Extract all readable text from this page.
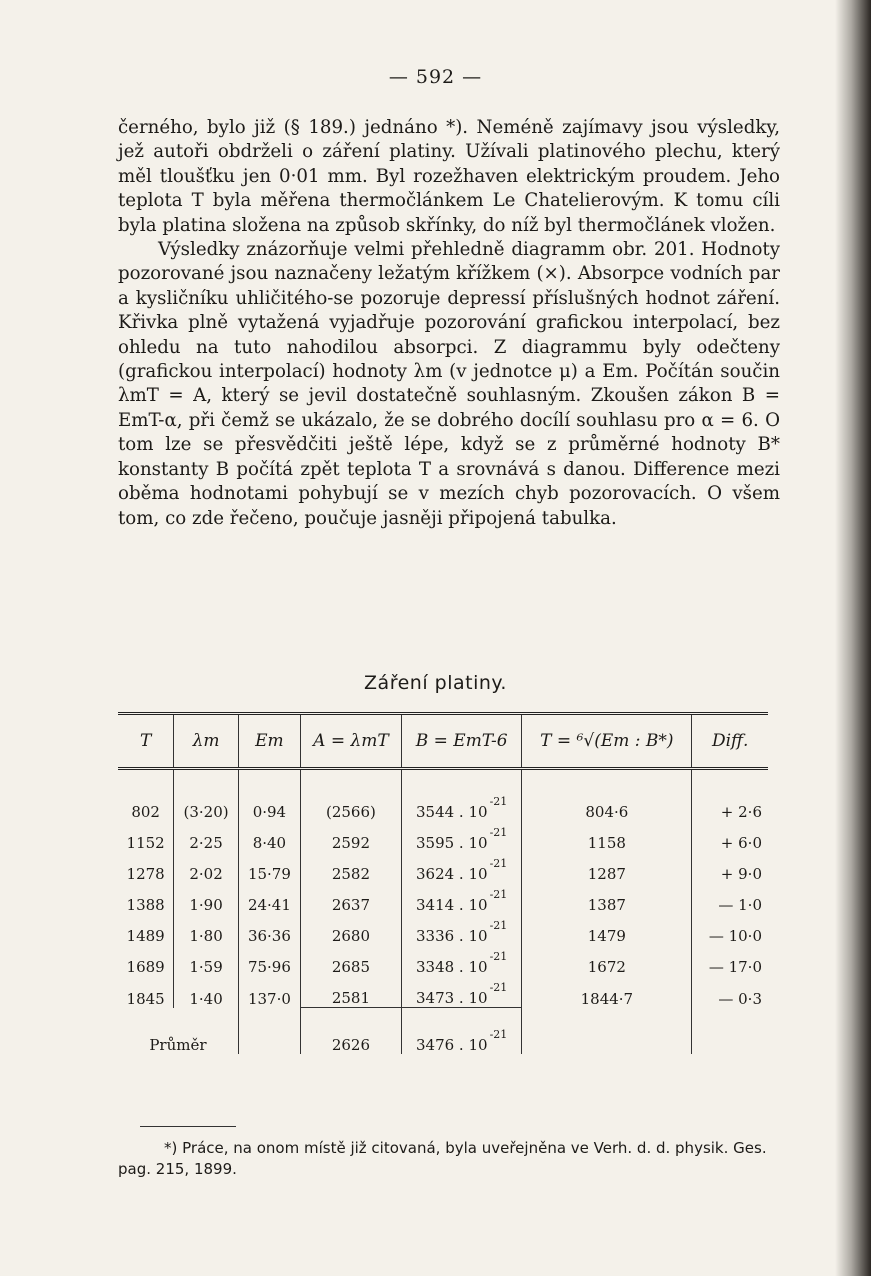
— 592 —

černého, bylo již (§ 189.) jednáno *). Neméně zajímavy jsou výsledky, jež autoři obdrželi o záření platiny. Užívali platinového plechu, který měl tloušťku jen 0·01 mm. Byl rozežhaven elektrickým proudem. Jeho teplota T byla měřena thermočlánkem Le Chatelierovým. K tomu cíli byla platina složena na způsob skřínky, do níž byl thermočlánek vložen.

Výsledky znázorňuje velmi přehledně diagramm obr. 201. Hodnoty pozorované jsou naznačeny ležatým křížkem (×). Absorpce vodních par a kysličníku uhličitého-se pozoruje depressí příslušných hodnot záření. Křivka plně vytažená vyjadřuje pozorování grafickou interpolací, bez ohledu na tuto nahodilou absorpci. Z diagrammu byly odečteny (grafickou interpolací) hodnoty λm (v jednotce μ) a Em. Počítán součin λmT = A, který se jevil dostatečně souhlasným. Zkoušen zákon B = EmT-α, při čemž se ukázalo, že se dobrého docílí souhlasu pro α = 6. O tom lze se přesvědčiti ještě lépe, když se z průměrné hodnoty B* konstanty B počítá zpět teplota T a srovnává s danou. Difference mezi oběma hodnotami pohybují se v mezích chyb pozorovacích. O všem tom, co zde řečeno, poučuje jasněji připojená tabulka.

Záření platiny.
T	λm	Em	A = λmT	B = EmT-6	T = ⁶√(Em : B*)	Diff.
802	(3·20)	0·94	(2566)	3544 . $10^{-21}$	804·6	+ 2·6
1152	2·25	8·40	2592	3595 . $10^{-21}$	1158	+ 6·0
1278	2·02	15·79	2582	3624 . $10^{-21}$	1287	+ 9·0
1388	1·90	24·41	2637	3414 . $10^{-21}$	1387	— 1·0
1489	1·80	36·36	2680	3336 . $10^{-21}$	1479	— 10·0
1689	1·59	75·96	2685	3348 . $10^{-21}$	1672	— 17·0
1845	1·40	137·0	2581	3473 . $10^{-21}$	1844·7	— 0·3
Průměr			2626	3476 . $10^{-21}$		
*) Práce, na onom místě již citovaná, byla uveřejněna ve Verh. d. d. physik. Ges. pag. 215, 1899.
